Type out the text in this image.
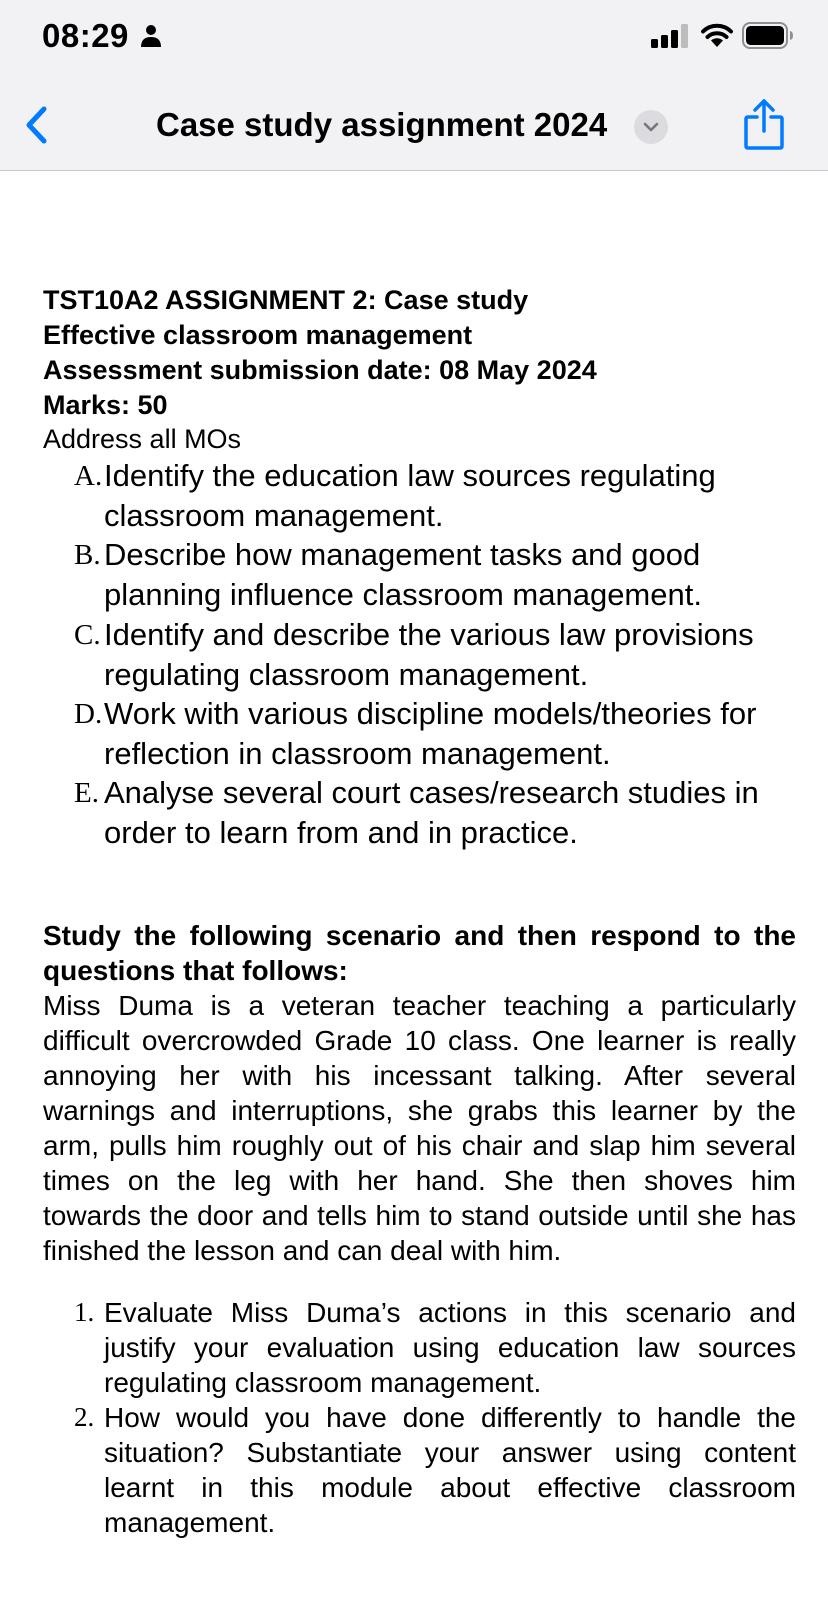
08:29
Case study assignment 2024
TST10A2 ASSIGNMENT 2: Case study
Effective classroom management
Assessment submission date: 08 May 2024
Marks: 50
Address all MOs
A. Identify the education law sources regulating classroom management.
B. Describe how management tasks and good planning influence classroom management.
C. Identify and describe the various law provisions regulating classroom management.
D. Work with various discipline models/theories for reflection in classroom management.
E. Analyse several court cases/research studies in order to learn from and in practice.
Study the following scenario and then respond to the questions that follows:
Miss Duma is a veteran teacher teaching a particularly difficult overcrowded Grade 10 class. One learner is really annoying her with his incessant talking. After several warnings and interruptions, she grabs this learner by the arm, pulls him roughly out of his chair and slap him several times on the leg with her hand. She then shoves him towards the door and tells him to stand outside until she has finished the lesson and can deal with him.
1. Evaluate Miss Duma’s actions in this scenario and justify your evaluation using education law sources regulating classroom management.
2. How would you have done differently to handle the situation? Substantiate your answer using content learnt in this module about effective classroom management.
